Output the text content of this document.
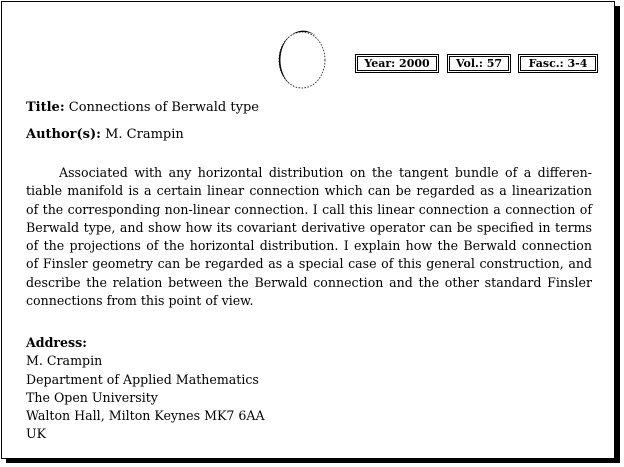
Year: 2000	Vol.: 57	Fasc.: 3-4
Title: Connections of Berwald type
Author(s): M. Crampin

Associated with any horizontal distribution on the tangent bundle of a differentiable manifold is a certain linear connection which can be regarded as a linearization of the corresponding non-linear connection. I call this linear connection a connection of Berwald type, and show how its covariant derivative operator can be specified in terms of the projections of the horizontal distribution. I explain how the Berwald connection of Finsler geometry can be regarded as a special case of this general construction, and describe the relation between the Berwald connection and the other standard Finsler connections from this point of view.

Address:
M. Crampin
Department of Applied Mathematics
The Open University
Walton Hall, Milton Keynes MK7 6AA
UK
